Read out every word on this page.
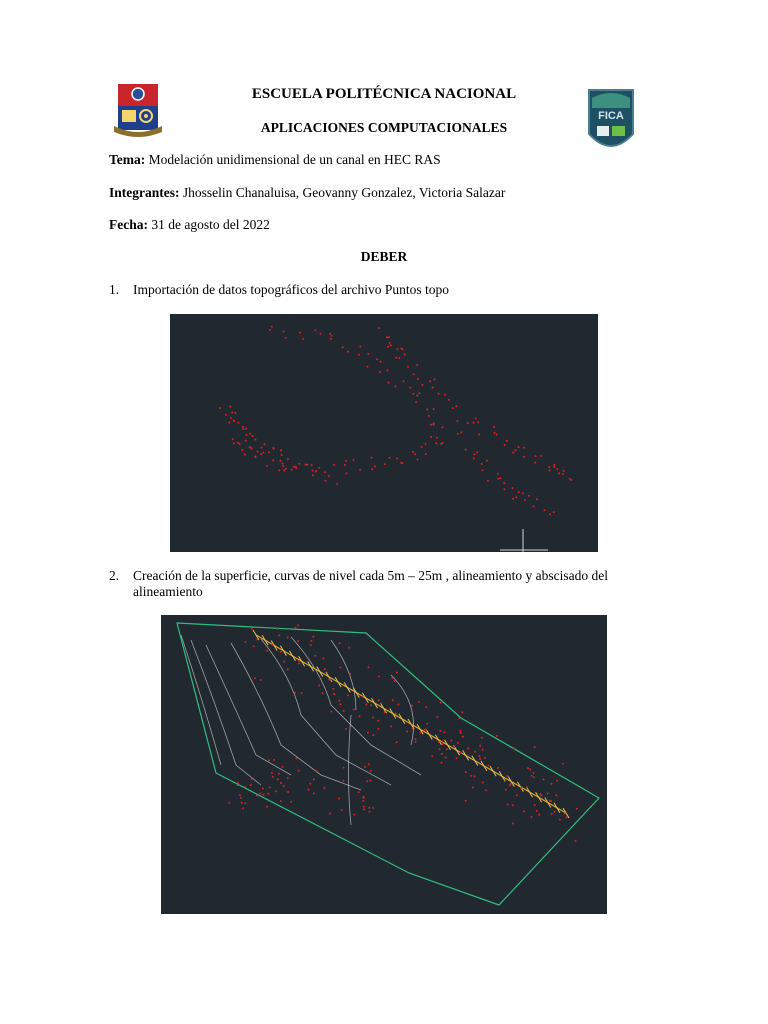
FICA
ESCUELA POLITÉCNICA NACIONAL
APLICACIONES COMPUTACIONALES
Tema: Modelación unidimensional de un canal en HEC RAS
Integrantes: Jhosselin Chanaluisa, Geovanny Gonzalez, Victoria Salazar
Fecha: 31 de agosto del 2022
DEBER
1. Importación de datos topográficos del archivo Puntos topo
2. Creación de la superficie, curvas de nivel cada 5m – 25m , alineamiento y abscisado del
alineamiento
